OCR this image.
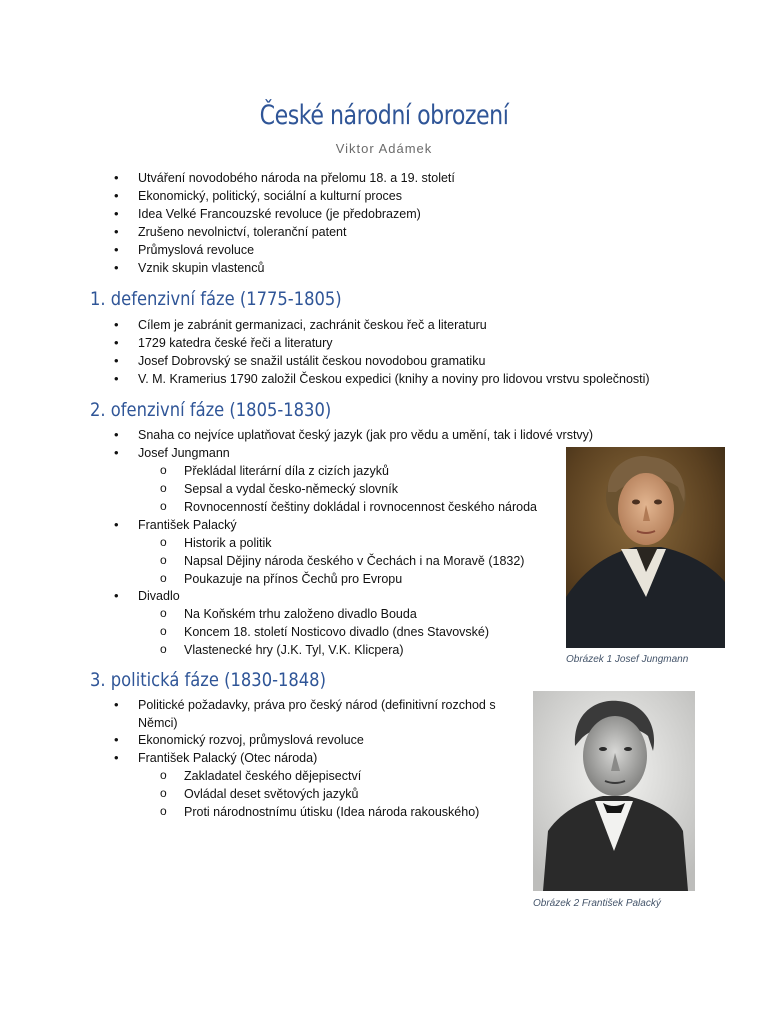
České národní obrození
Viktor Adámek
• Utváření novodobého národa na přelomu 18. a 19. století
• Ekonomický, politický, sociální a kulturní proces
• Idea Velké Francouzské revoluce (je předobrazem)
• Zrušeno nevolnictví, toleranční patent
• Průmyslová revoluce
• Vznik skupin vlastenců
1. defenzivní fáze (1775-1805)
• Cílem je zabránit germanizaci, zachránit českou řeč a literaturu
• 1729 katedra české řeči a literatury
• Josef Dobrovský se snažil ustálit českou novodobou gramatiku
• V. M. Kramerius 1790 založil Českou expedici (knihy a noviny pro lidovou vrstvu společnosti)
2. ofenzivní fáze (1805-1830)
• Snaha co nejvíce uplatňovat český jazyk (jak pro vědu a umění, tak i lidové vrstvy)
• Josef Jungmann
o Překládal literární díla z cizích jazyků
o Sepsal a vydal česko-německý slovník
o Rovnocenností češtiny dokládal i rovnocennost českého národa
• František Palacký
o Historik a politik
o Napsal Dějiny národa českého v Čechách i na Moravě (1832)
o Poukazuje na přínos Čechů pro Evropu
• Divadlo
o Na Koňském trhu založeno divadlo Bouda
o Koncem 18. století Nosticovo divadlo (dnes Stavovské)
o Vlastenecké hry (J.K. Tyl, V.K. Klicpera)
3. politická fáze (1830-1848)
• Politické požadavky, práva pro český národ (definitivní rozchod s Němci)
• Ekonomický rozvoj, průmyslová revoluce
• František Palacký (Otec národa)
o Zakladatel českého dějepisectví
o Ovládal deset světových jazyků
o Proti národnostnímu útisku (Idea národa rakouského)
Obrázek 1 Josef Jungmann
Obrázek 2 František Palacký
